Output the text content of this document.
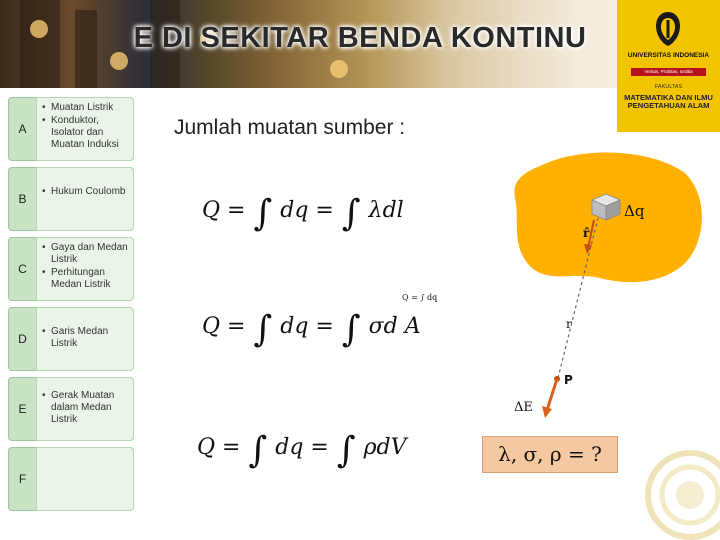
E DI SEKITAR BENDA KONTINU
UNIVERSITAS INDONESIA
Veritas, Probitas, Iustitia
FAKULTAS
MATEMATIKA DAN ILMU PENGETAHUAN ALAM
A
• Muatan Listrik
• Konduktor, Isolator dan Muatan Induksi
B
• Hukum Coulomb
C
• Gaya dan Medan Listrik
• Perhitungan Medan Listrik
D
• Garis Medan Listrik
E
• Gerak Muatan dalam Medan Listrik
F
Jumlah muatan sumber :
Q = ∫ dq = ∫ λdl
Q = ∫ dq = ∫ σd A
Q = ∫ dq
Q = ∫ dq = ∫ ρdV	λ, σ, ρ = ?
Δq
r̂
r
P
ΔE
